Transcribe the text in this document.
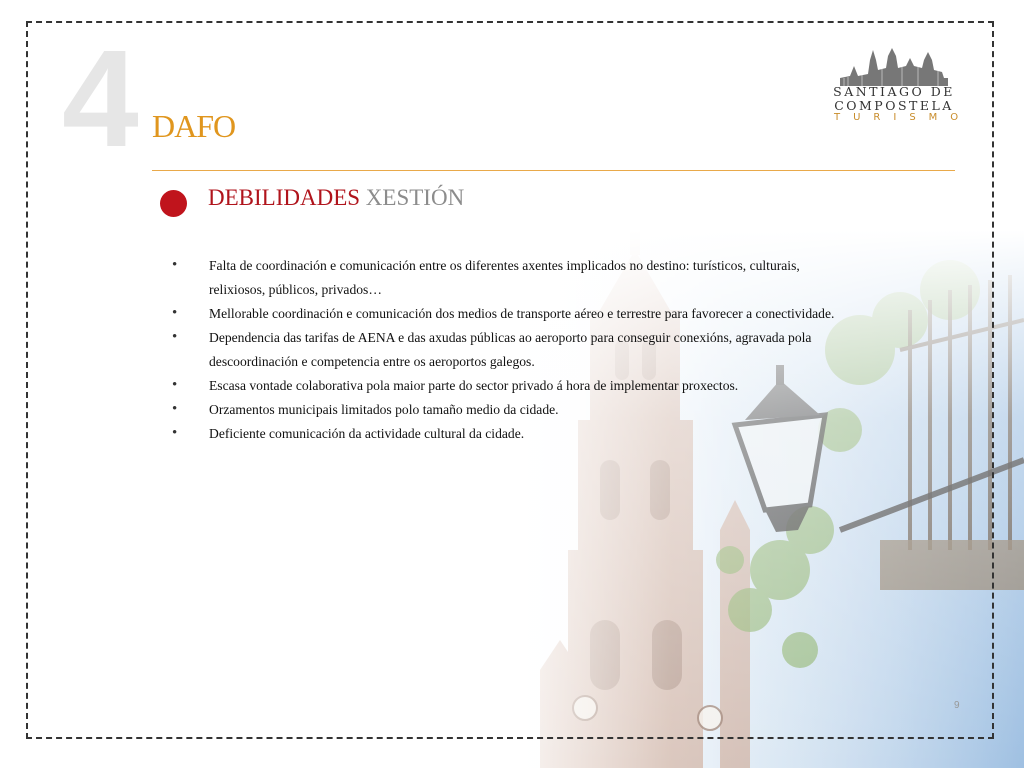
4 DAFO
SANTIAGO DE
COMPOSTELA
TURISMO
DEBILIDADES XESTIÓN
• Falta de coordinación e comunicación entre os diferentes axentes implicados no destino: turísticos, culturais, relixiosos, públicos, privados…
• Mellorable coordinación e comunicación dos medios de transporte aéreo e terrestre para favorecer a conectividade.
• Dependencia das tarifas de AENA e das axudas públicas ao aeroporto para conseguir conexións, agravada pola descoordinación e competencia entre os aeroportos galegos.
• Escasa vontade colaborativa pola maior parte do sector privado á hora de implementar proxectos.
• Orzamentos municipais limitados polo tamaño medio da cidade.
• Deficiente comunicación da actividade cultural da cidade.
9
